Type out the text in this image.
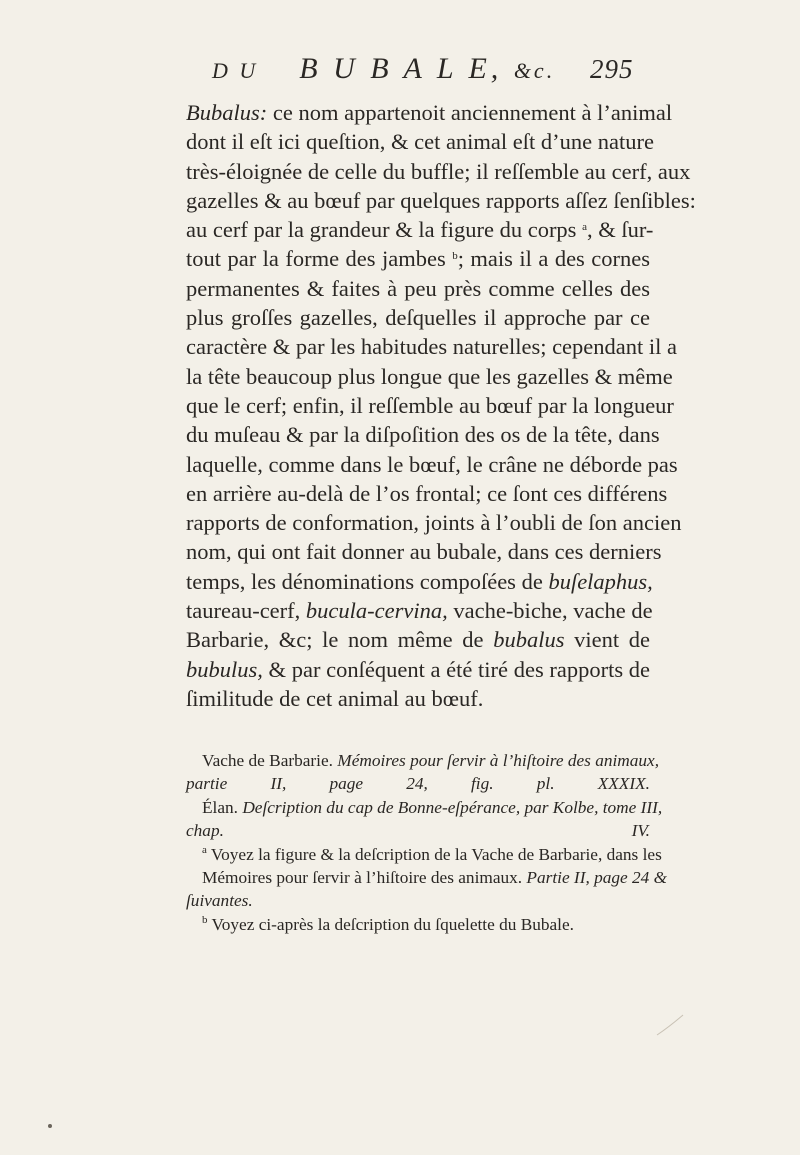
D U B U B A L E, &c. 295
Bubalus: ce nom appartenoit anciennement à l’animal
dont il eſt ici queſtion, & cet animal eſt d’une nature
très-éloignée de celle du buffle; il reſſemble au cerf, aux
gazelles & au bœuf par quelques rapports aſſez ſenſibles:
au cerf par la grandeur & la figure du corps $^a$, & ſur-
tout par la forme des jambes $^b$; mais il a des cornes
permanentes & faites à peu près comme celles des
plus groſſes gazelles, deſquelles il approche par ce
caractère & par les habitudes naturelles; cependant il a
la tête beaucoup plus longue que les gazelles & même
que le cerf; enfin, il reſſemble au bœuf par la longueur
du muſeau & par la diſpoſition des os de la tête, dans
laquelle, comme dans le bœuf, le crâne ne déborde pas
en arrière au-delà de l’os frontal; ce ſont ces différens
rapports de conformation, joints à l’oubli de ſon ancien
nom, qui ont fait donner au bubale, dans ces derniers
temps, les dénominations compoſées de buſelaphus,
taureau-cerf, bucula-cervina, vache-biche, vache de
Barbarie, &c; le nom même de bubalus vient de
bubulus, & par conſéquent a été tiré des rapports de
ſimilitude de cet animal au bœuf.
Vache de Barbarie. Mémoires pour ſervir à l’hiſtoire des animaux,
partie II, page 24, fig. pl. XXXIX.
Élan. Deſcription du cap de Bonne-eſpérance, par Kolbe, tome III,
chap. IV.
$^a$ Voyez la figure & la deſcription de la Vache de Barbarie, dans les
Mémoires pour ſervir à l’hiſtoire des animaux. Partie II, page 24 &
ſuivantes.
$^b$ Voyez ci-après la deſcription du ſquelette du Bubale.
